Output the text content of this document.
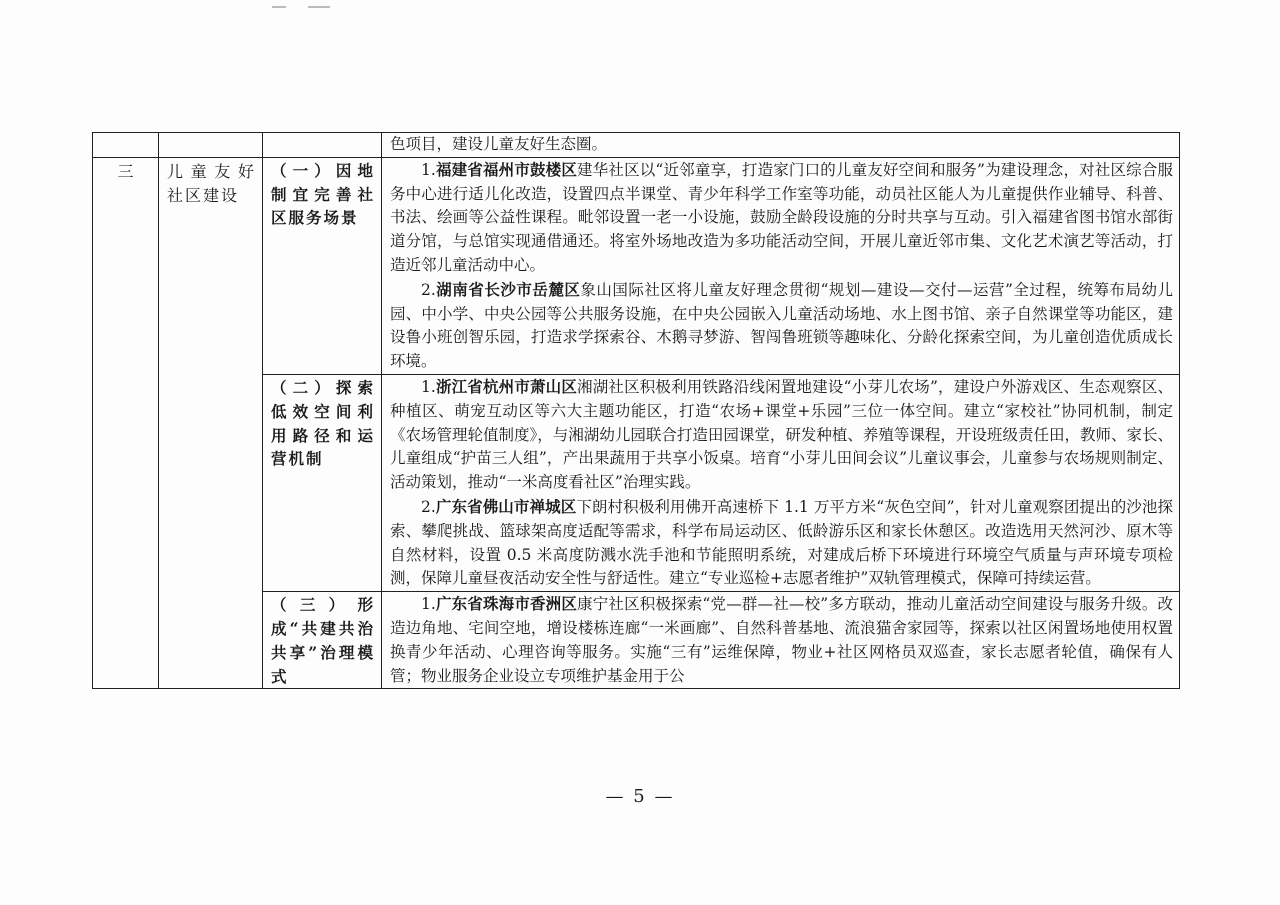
			色项目，建设儿童友好生态圈。

三	儿童友好社区建设	（一）因地制宜完善社区服务场景	1.福建省福州市鼓楼区建华社区以“近邻童享，打造家门口的儿童友好空间和服务”为建设理念，对社区综合服务中心进行适儿化改造，设置四点半课堂、青少年科学工作室等功能，动员社区能人为儿童提供作业辅导、科普、书法、绘画等公益性课程。毗邻设置一老一小设施，鼓励全龄段设施的分时共享与互动。引入福建省图书馆水部街道分馆，与总馆实现通借通还。将室外场地改造为多功能活动空间，开展儿童近邻市集、文化艺术演艺等活动，打造近邻儿童活动中心。

2.湖南省长沙市岳麓区象山国际社区将儿童友好理念贯彻“规划—建设—交付—运营”全过程，统筹布局幼儿园、中小学、中央公园等公共服务设施，在中央公园嵌入儿童活动场地、水上图书馆、亲子自然课堂等功能区，建设鲁小班创智乐园，打造求学探索谷、木鹅寻梦游、智闯鲁班锁等趣味化、分龄化探索空间，为儿童创造优质成长环境。

		（二）探索低效空间利用路径和运营机制	1.浙江省杭州市萧山区湘湖社区积极利用铁路沿线闲置地建设“小芽儿农场”，建设户外游戏区、生态观察区、种植区、萌宠互动区等六大主题功能区，打造“农场+课堂+乐园”三位一体空间。建立“家校社”协同机制，制定《农场管理轮值制度》，与湘湖幼儿园联合打造田园课堂，研发种植、养殖等课程，开设班级责任田，教师、家长、儿童组成“护苗三人组”，产出果蔬用于共享小饭桌。培育“小芽儿田间会议”儿童议事会，儿童参与农场规则制定、活动策划，推动“一米高度看社区”治理实践。

2.广东省佛山市禅城区下朗村积极利用佛开高速桥下 1.1 万平方米“灰色空间”，针对儿童观察团提出的沙池探索、攀爬挑战、篮球架高度适配等需求，科学布局运动区、低龄游乐区和家长休憩区。改造选用天然河沙、原木等自然材料，设置 0.5 米高度防溅水洗手池和节能照明系统，对建成后桥下环境进行环境空气质量与声环境专项检测，保障儿童昼夜活动安全性与舒适性。建立“专业巡检+志愿者维护”双轨管理模式，保障可持续运营。

		（三）形成“共建共治共享”治理模式	1.广东省珠海市香洲区康宁社区积极探索“党—群—社—校”多方联动，推动儿童活动空间建设与服务升级。改造边角地、宅间空地，增设楼栋连廊“一米画廊”、自然科普基地、流浪猫舍家园等，探索以社区闲置场地使用权置换青少年活动、心理咨询等服务。实施“三有”运维保障，物业+社区网格员双巡查，家长志愿者轮值，确保有人管；物业服务企业设立专项维护基金用于公

— 5 —
